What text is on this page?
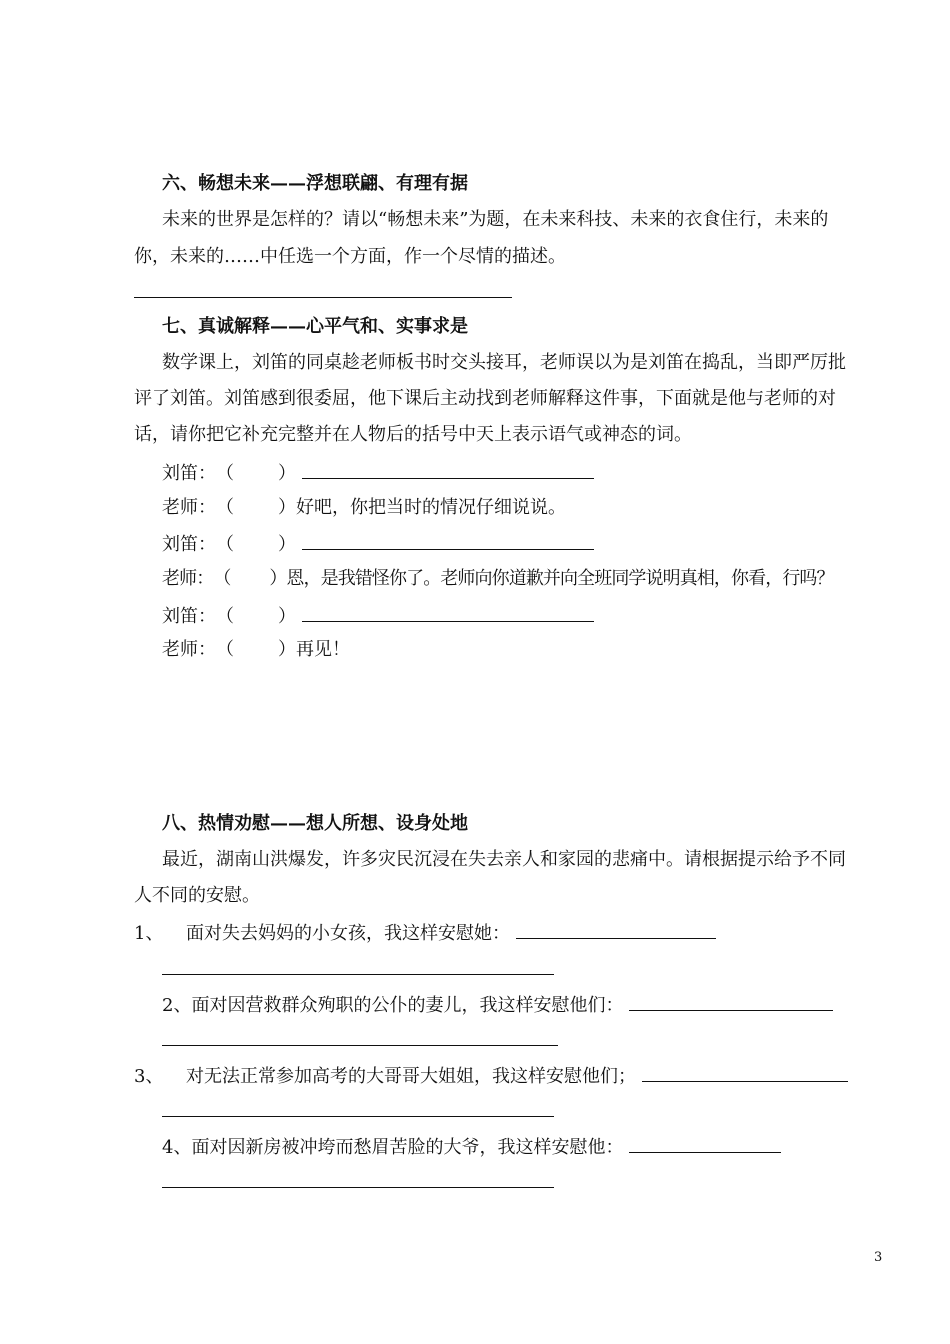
六、畅想未来——浮想联翩、有理有据
未来的世界是怎样的？请以“畅想未来”为题，在未来科技、未来的衣食住行，未来的
你，未来的……中任选一个方面，作一个尽情的描述。
七、真诚解释——心平气和、实事求是
数学课上，刘笛的同桌趁老师板书时交头接耳，老师误以为是刘笛在捣乱，当即严厉批
评了刘笛。刘笛感到很委屈，他下课后主动找到老师解释这件事，下面就是他与老师的对
话，请你把它补充完整并在人物后的括号中天上表示语气或神态的词。
刘笛：（ ）
老师：（ ）好吧，你把当时的情况仔细说说。
刘笛：（ ）
老师：（ ）恩，是我错怪你了。老师向你道歉并向全班同学说明真相，你看，行吗？
刘笛：（ ）
老师：（ ）再见！
八、热情劝慰——想人所想、设身处地
最近，湖南山洪爆发，许多灾民沉浸在失去亲人和家园的悲痛中。请根据提示给予不同
人不同的安慰。
1、 面对失去妈妈的小女孩，我这样安慰她：
2、面对因营救群众殉职的公仆的妻儿，我这样安慰他们：
3、 对无法正常参加高考的大哥哥大姐姐，我这样安慰他们；
4、面对因新房被冲垮而愁眉苦脸的大爷，我这样安慰他：
3
